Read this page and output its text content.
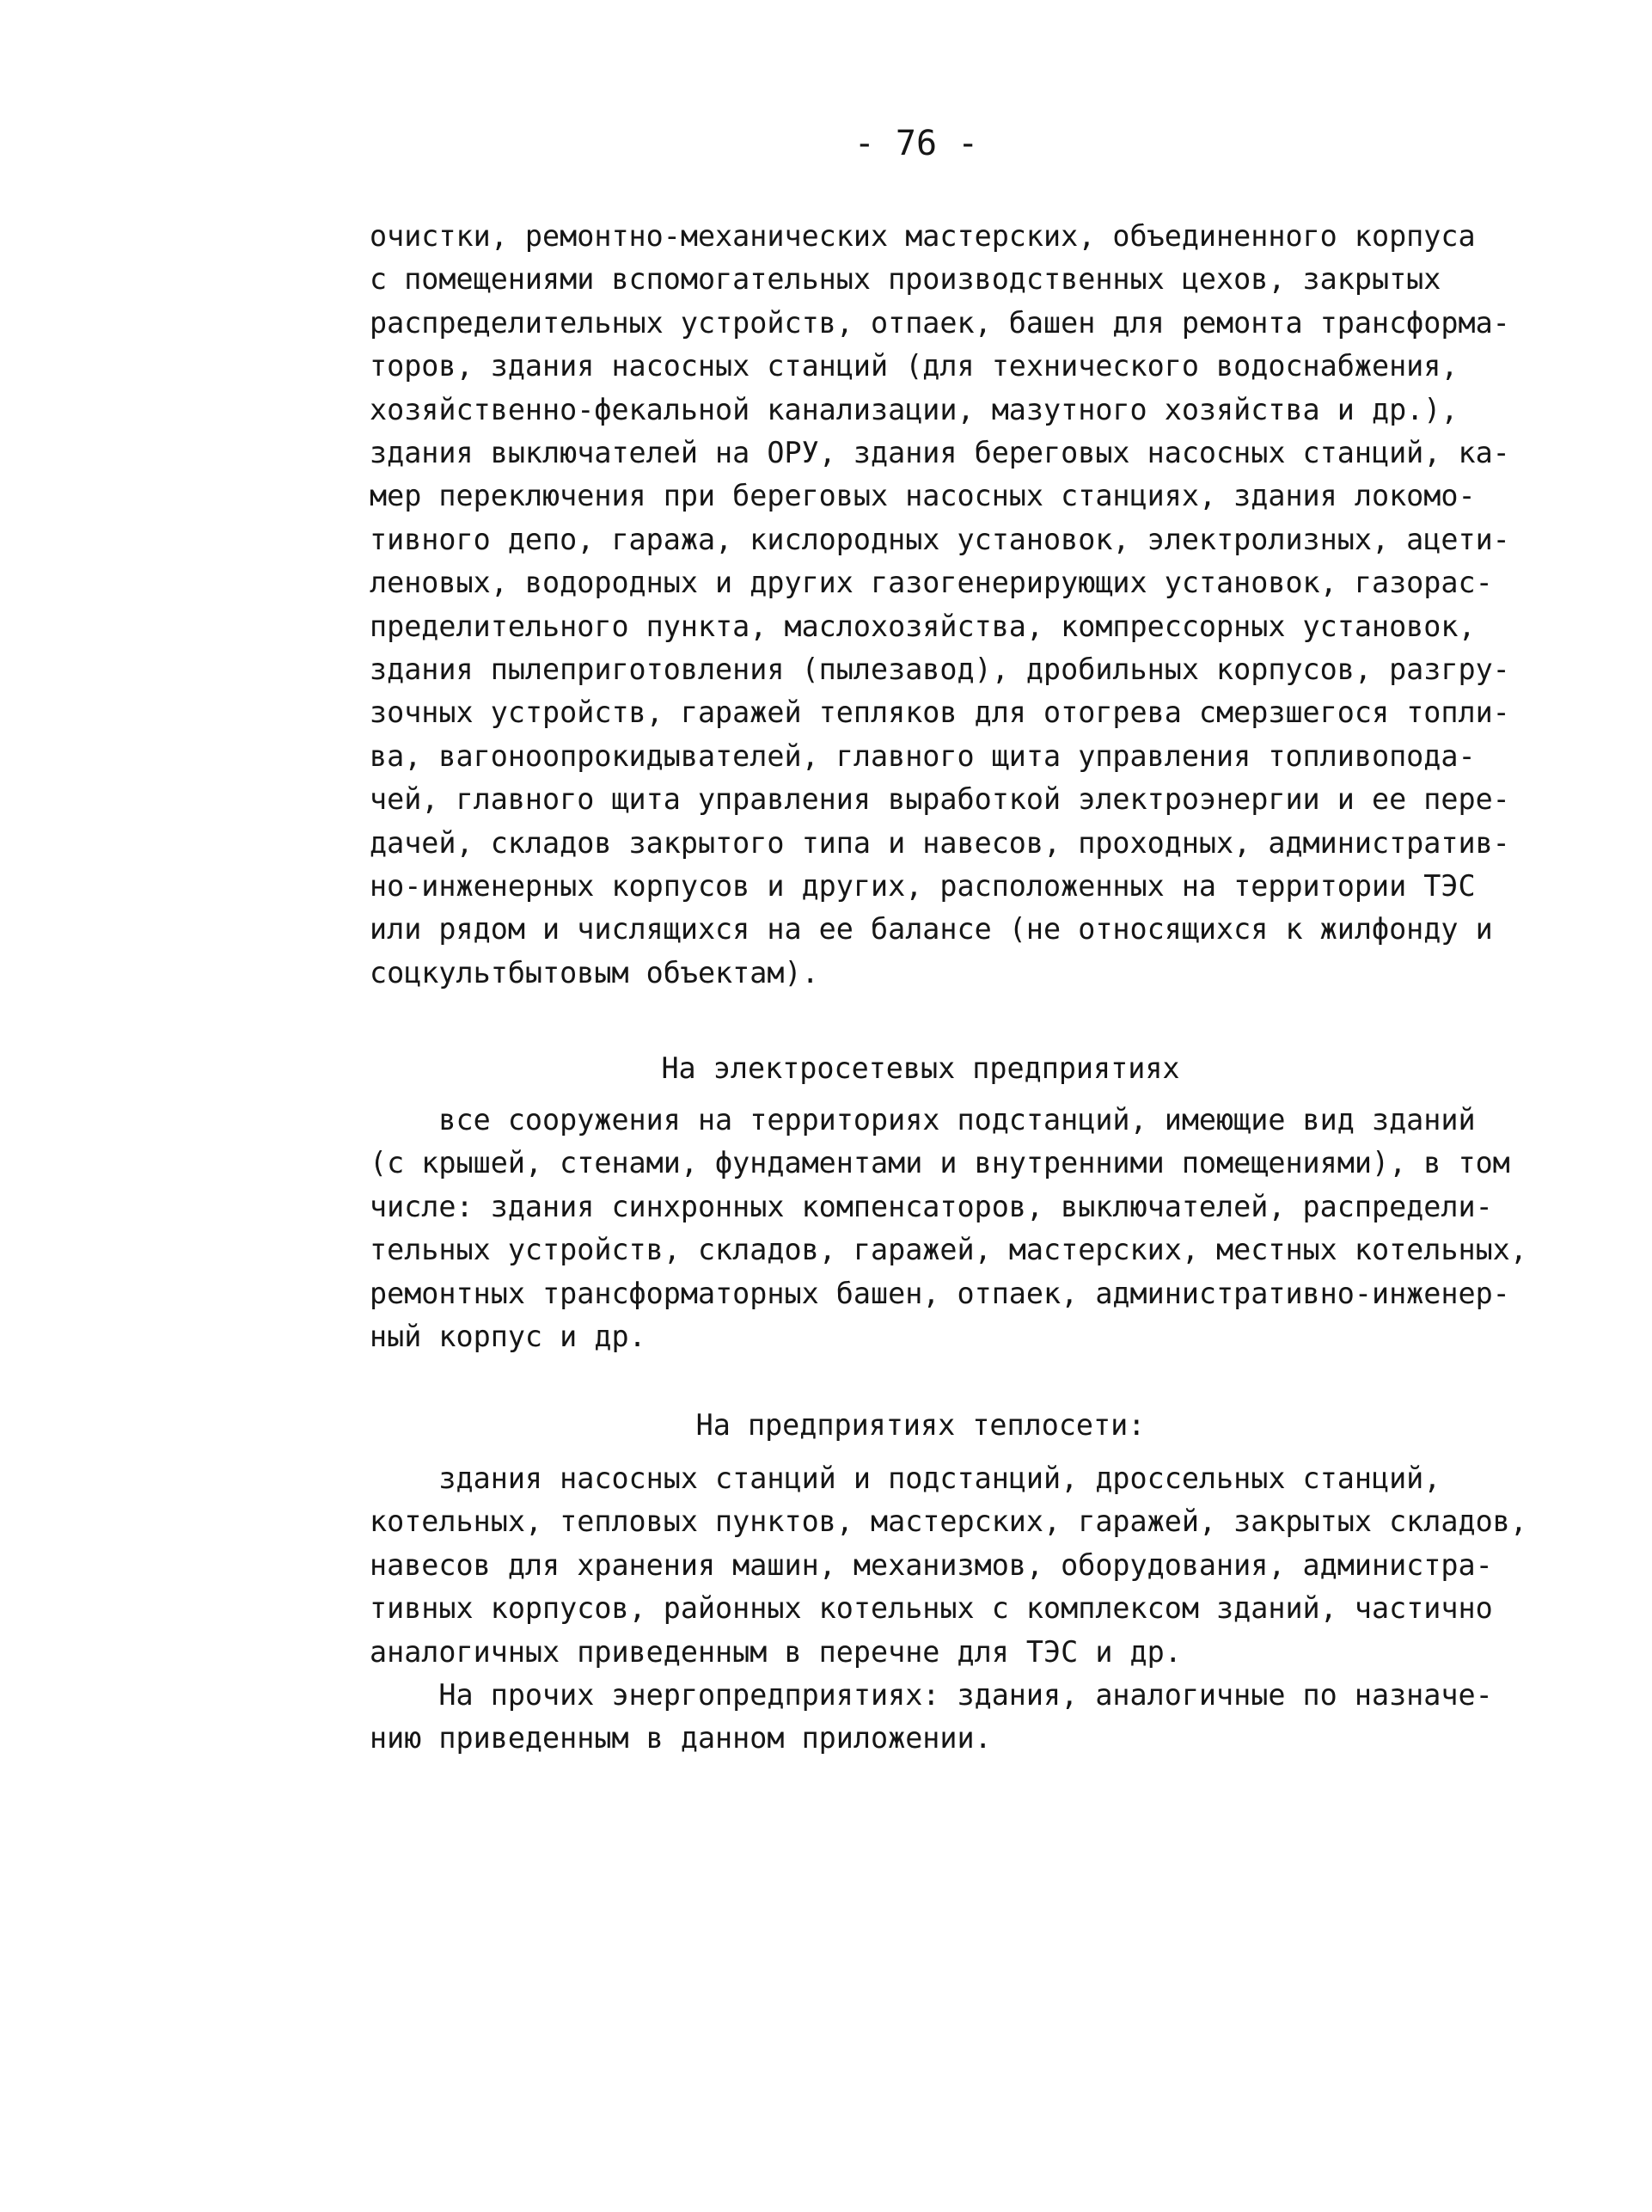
- 76 -
очистки, ремонтно-механических мастерских, объединенного корпуса
с помещениями вспомогательных производственных цехов, закрытых
распределительных устройств, отпаек, башен для ремонта трансформа-
торов, здания насосных станций (для технического водоснабжения,
хозяйственно-фекальной канализации, мазутного хозяйства и др.),
здания выключателей на ОРУ, здания береговых насосных станций, ка-
мер переключения при береговых насосных станциях, здания локомо-
тивного депо, гаража, кислородных установок, электролизных, ацети-
леновых, водородных и других газогенерирующих установок, газорас-
пределительного пункта, маслохозяйства, компрессорных установок,
здания пылеприготовления (пылезавод), дробильных корпусов, разгру-
зочных устройств, гаражей тепляков для отогрева смерзшегося топли-
ва, вагоноопрокидывателей, главного щита управления топливопода-
чей, главного щита управления выработкой электроэнергии и ее пере-
дачей, складов закрытого типа и навесов, проходных, административ-
но-инженерных корпусов и других, расположенных на территории ТЭС
или рядом и числящихся на ее балансе (не относящихся к жилфонду и
соцкультбытовым объектам).
На электросетевых предприятиях
все сооружения на территориях подстанций, имеющие вид зданий
(с крышей, стенами, фундаментами и внутренними помещениями), в том
числе: здания синхронных компенсаторов, выключателей, распредели-
тельных устройств, складов, гаражей, мастерских, местных котельных,
ремонтных трансформаторных башен, отпаек, административно-инженер-
ный корпус и др.
На предприятиях теплосети:
здания насосных станций и подстанций, дроссельных станций,
котельных, тепловых пунктов, мастерских, гаражей, закрытых складов,
навесов для хранения машин, механизмов, оборудования, администра-
тивных корпусов, районных котельных с комплексом зданий, частично
аналогичных приведенным в перечне для ТЭС и др.
На прочих энергопредприятиях: здания, аналогичные по назначе-
нию приведенным в данном приложении.
